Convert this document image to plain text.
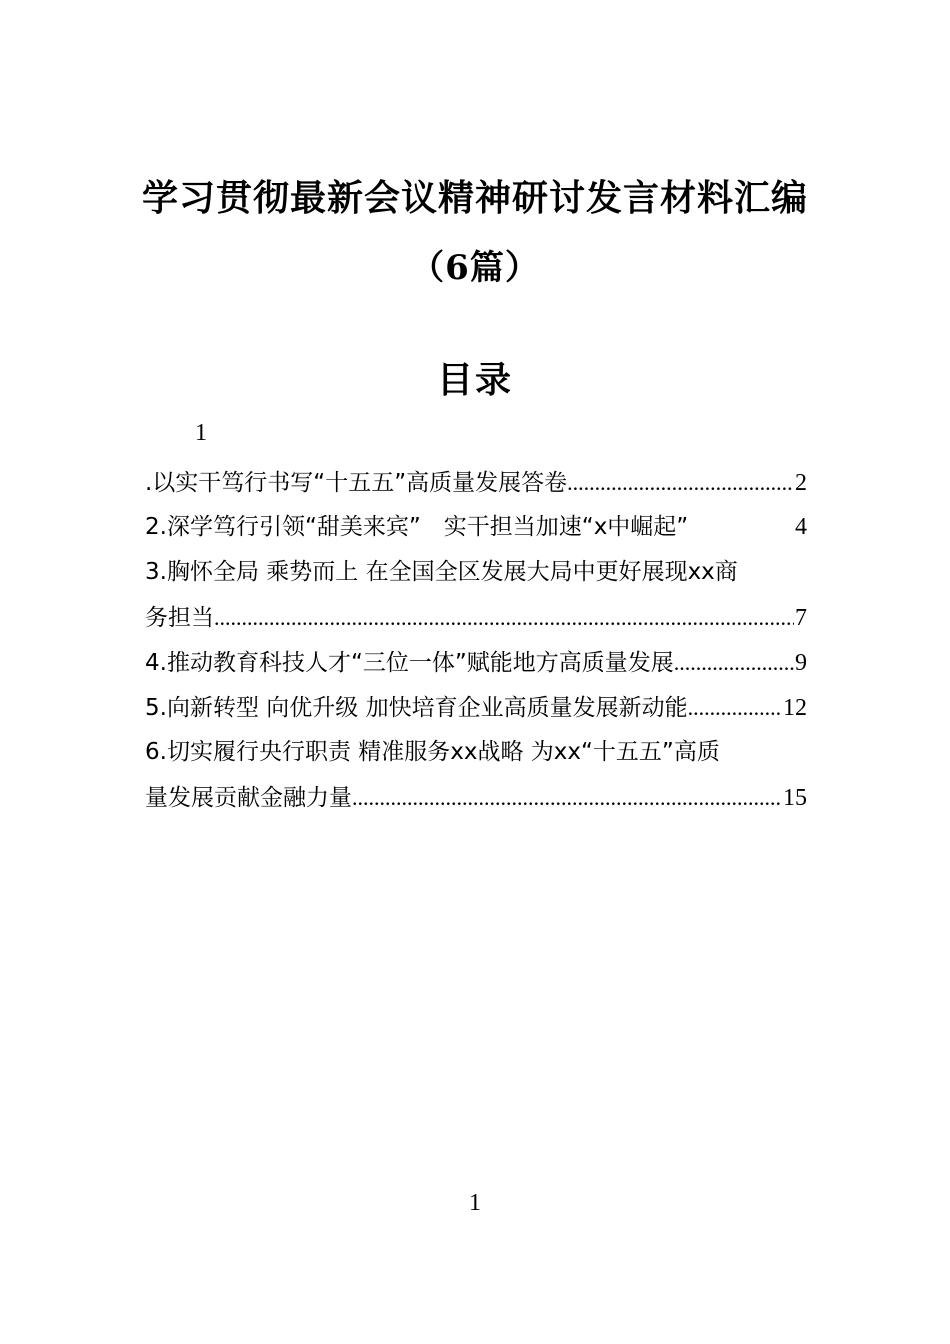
学习贯彻最新会议精神研讨发言材料汇编
（6篇）
目录
1
.以实干笃行书写“十五五”高质量发展答卷 .....	2
2.深学笃行引领“甜美来宾”　实干担当加速“x中崛起”	4
3.胸怀全局 乘势而上 在全国全区发展大局中更好展现xx商
务担当 .....	7
4.推动教育科技人才“三位一体”赋能地方高质量发展 .....	9
5.向新转型 向优升级 加快培育企业高质量发展新动能 .....	12
6.切实履行央行职责 精准服务xx战略 为xx“十五五”高质
量发展贡献金融力量 .....	15
1
